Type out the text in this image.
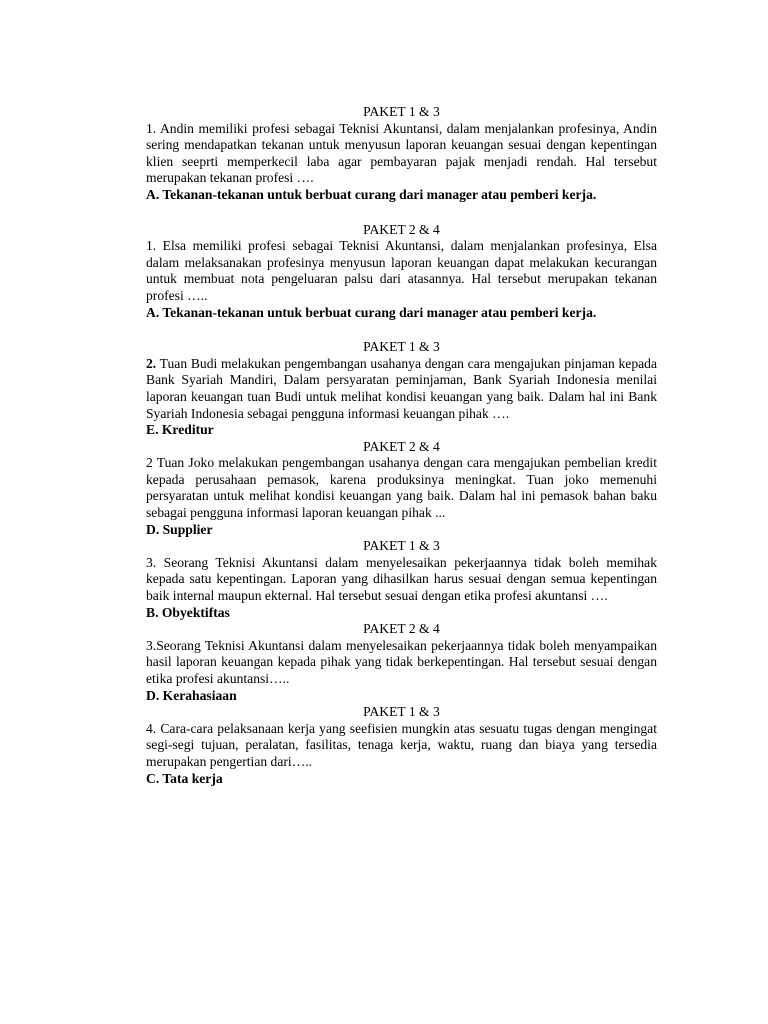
PAKET 1 & 3

1. Andin memiliki profesi sebagai Teknisi Akuntansi, dalam menjalankan profesinya, Andin sering mendapatkan tekanan untuk menyusun laporan keuangan sesuai dengan kepentingan klien seeprti memperkecil laba agar pembayaran pajak menjadi rendah. Hal tersebut merupakan tekanan profesi ….

A. Tekanan-tekanan untuk berbuat curang dari manager atau pemberi kerja.

PAKET 2 & 4

1. Elsa memiliki profesi sebagai Teknisi Akuntansi, dalam menjalankan profesinya, Elsa dalam melaksanakan profesinya menyusun laporan keuangan dapat melakukan kecurangan untuk membuat nota pengeluaran palsu dari atasannya. Hal tersebut merupakan tekanan profesi …..

A. Tekanan-tekanan untuk berbuat curang dari manager atau pemberi kerja.

PAKET 1 & 3

2. Tuan Budi melakukan pengembangan usahanya dengan cara mengajukan pinjaman kepada Bank Syariah Mandiri, Dalam persyaratan peminjaman, Bank Syariah Indonesia menilai laporan keuangan tuan Budi untuk melihat kondisi keuangan yang baik. Dalam hal ini Bank Syariah Indonesia sebagai pengguna informasi keuangan pihak ….

E. Kreditur

PAKET 2 & 4

2 Tuan Joko melakukan pengembangan usahanya dengan cara mengajukan pembelian kredit kepada perusahaan pemasok, karena produksinya meningkat. Tuan joko memenuhi persyaratan untuk melihat kondisi keuangan yang baik. Dalam hal ini pemasok bahan baku sebagai pengguna informasi laporan keuangan pihak ...

D. Supplier

PAKET 1 & 3

3. Seorang Teknisi Akuntansi dalam menyelesaikan pekerjaannya tidak boleh memihak kepada satu kepentingan. Laporan yang dihasilkan harus sesuai dengan semua kepentingan baik internal maupun ekternal. Hal tersebut sesuai dengan etika profesi akuntansi ….

B. Obyektiftas

PAKET 2 & 4

3.Seorang Teknisi Akuntansi dalam menyelesaikan pekerjaannya tidak boleh menyampaikan hasil laporan keuangan kepada pihak yang tidak berkepentingan. Hal tersebut sesuai dengan etika profesi akuntansi…..

D. Kerahasiaan

PAKET 1 & 3

4. Cara-cara pelaksanaan kerja yang seefisien mungkin atas sesuatu tugas dengan mengingat segi-segi tujuan, peralatan, fasilitas, tenaga kerja, waktu, ruang dan biaya yang tersedia merupakan pengertian dari…..

C. Tata kerja
